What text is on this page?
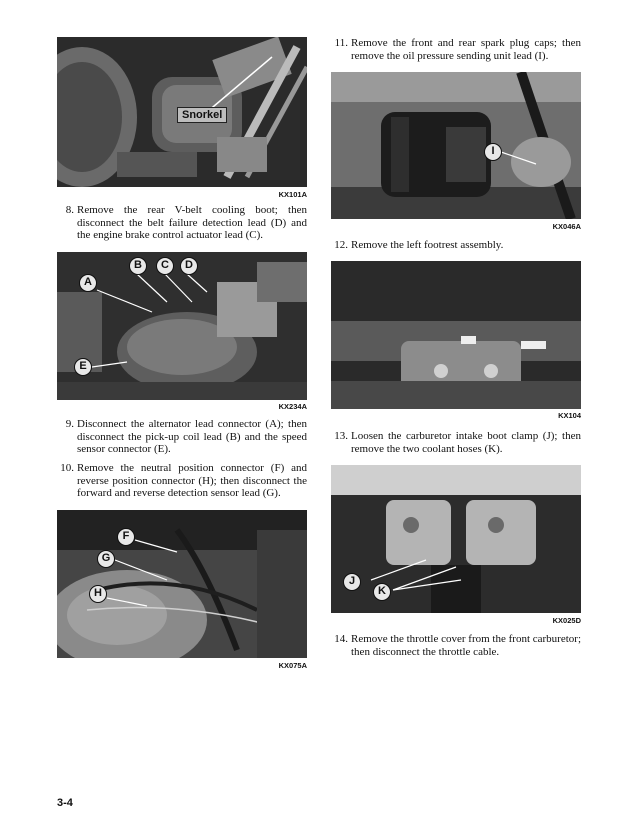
Snorkel
KX101A
8. Remove the rear V-belt cooling boot; then disconnect the belt failure detection lead (D) and the engine brake control actuator lead (C).
A
B	C	D
E
KX234A
9. Disconnect the alternator lead connector (A); then disconnect the pick-up coil lead (B) and the speed sensor connector (E).
10. Remove the neutral position connector (F) and reverse position connector (H); then disconnect the forward and reverse detection sensor lead (G).
F
G
H
KX075A
11. Remove the front and rear spark plug caps; then remove the oil pressure sending unit lead (I).
I
KX046A
12. Remove the left footrest assembly.
KX104
13. Loosen the carburetor intake boot clamp (J); then remove the two coolant hoses (K).
J
K
KX025D
14. Remove the throttle cover from the front carburetor; then disconnect the throttle cable.
3-4
